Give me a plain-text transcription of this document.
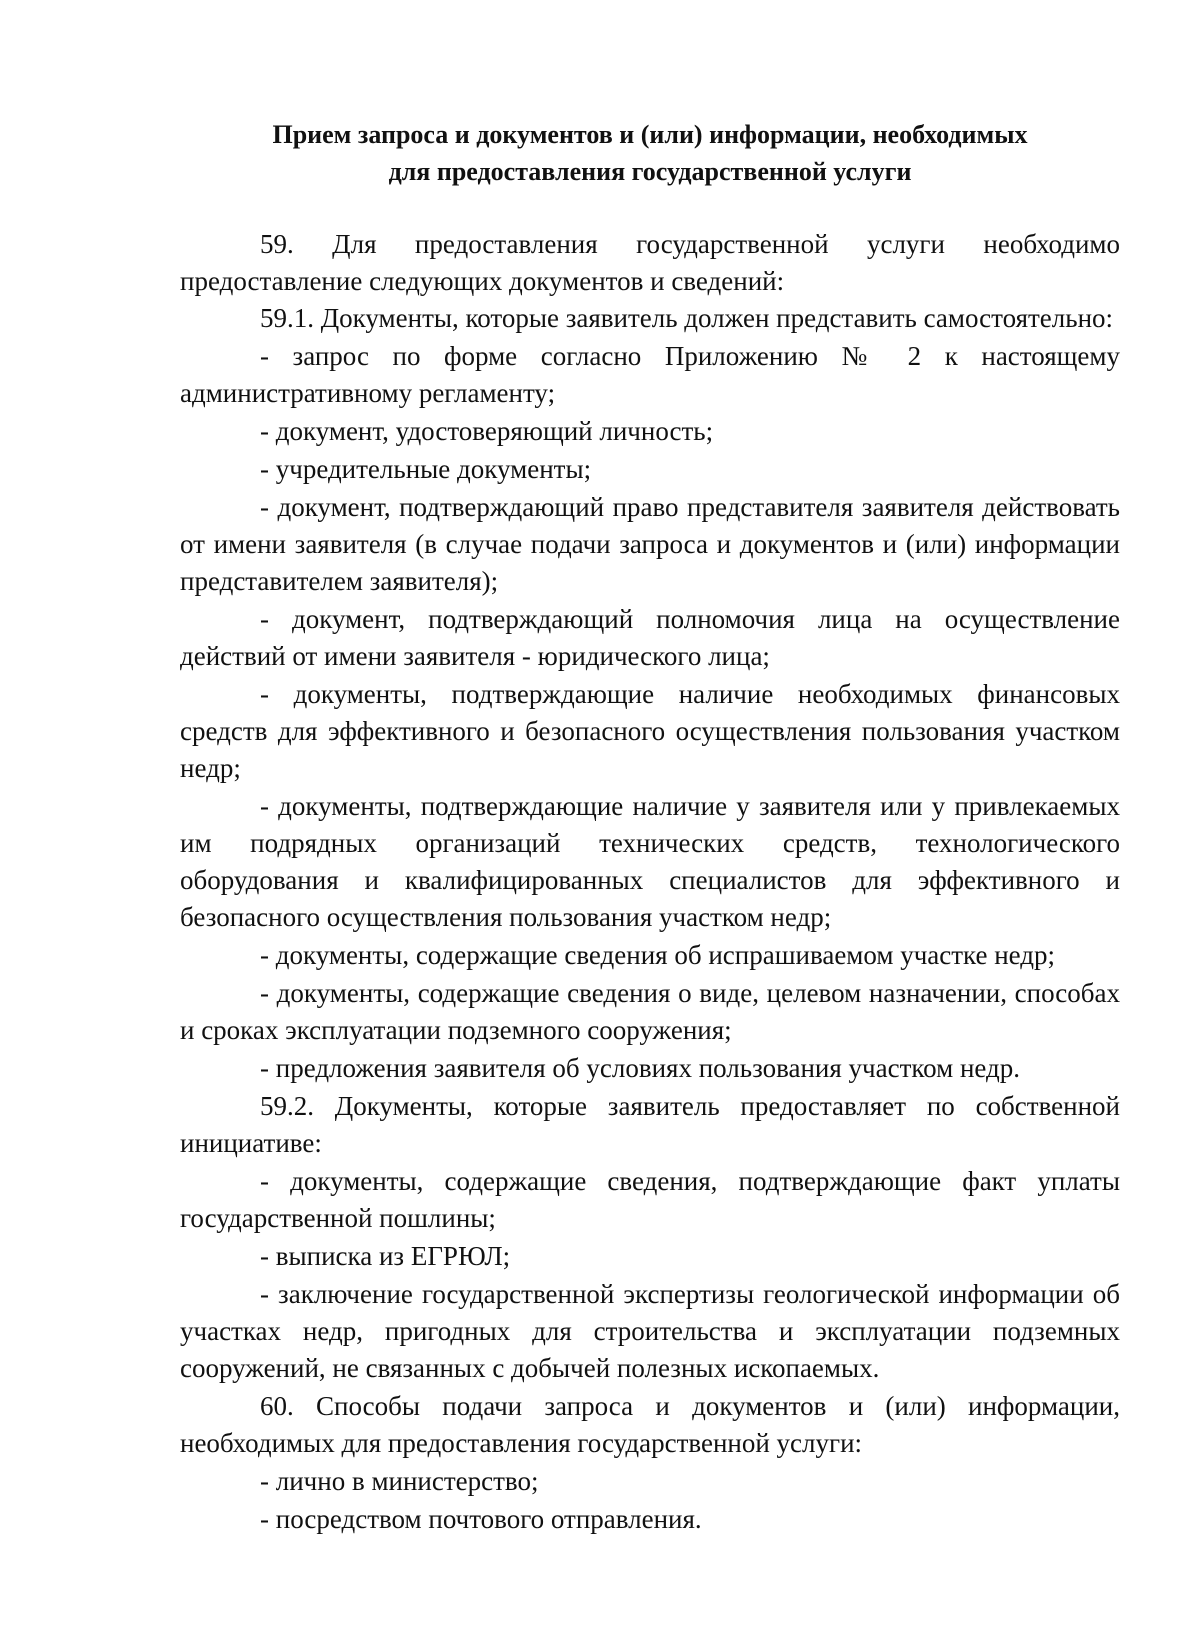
Прием запроса и документов и (или) информации, необходимых
для предоставления государственной услуги

59. Для предоставления государственной услуги необходимо предоставление следующих документов и сведений:

59.1. Документы, которые заявитель должен представить самостоятельно:

- запрос по форме согласно Приложению № 2 к настоящему административному регламенту;

- документ, удостоверяющий личность;

- учредительные документы;

- документ, подтверждающий право представителя заявителя действовать от имени заявителя (в случае подачи запроса и документов и (или) информации представителем заявителя);

- документ, подтверждающий полномочия лица на осуществление действий от имени заявителя - юридического лица;

- документы, подтверждающие наличие необходимых финансовых средств для эффективного и безопасного осуществления пользования участком недр;

- документы, подтверждающие наличие у заявителя или у привлекаемых им подрядных организаций технических средств, технологического оборудования и квалифицированных специалистов для эффективного и безопасного осуществления пользования участком недр;

- документы, содержащие сведения об испрашиваемом участке недр;

- документы, содержащие сведения о виде, целевом назначении, способах и сроках эксплуатации подземного сооружения;

- предложения заявителя об условиях пользования участком недр.

59.2. Документы, которые заявитель предоставляет по собственной инициативе:

- документы, содержащие сведения, подтверждающие факт уплаты государственной пошлины;

- выписка из ЕГРЮЛ;

- заключение государственной экспертизы геологической информации об участках недр, пригодных для строительства и эксплуатации подземных сооружений, не связанных с добычей полезных ископаемых.

60. Способы подачи запроса и документов и (или) информации, необходимых для предоставления государственной услуги:

- лично в министерство;

- посредством почтового отправления.
